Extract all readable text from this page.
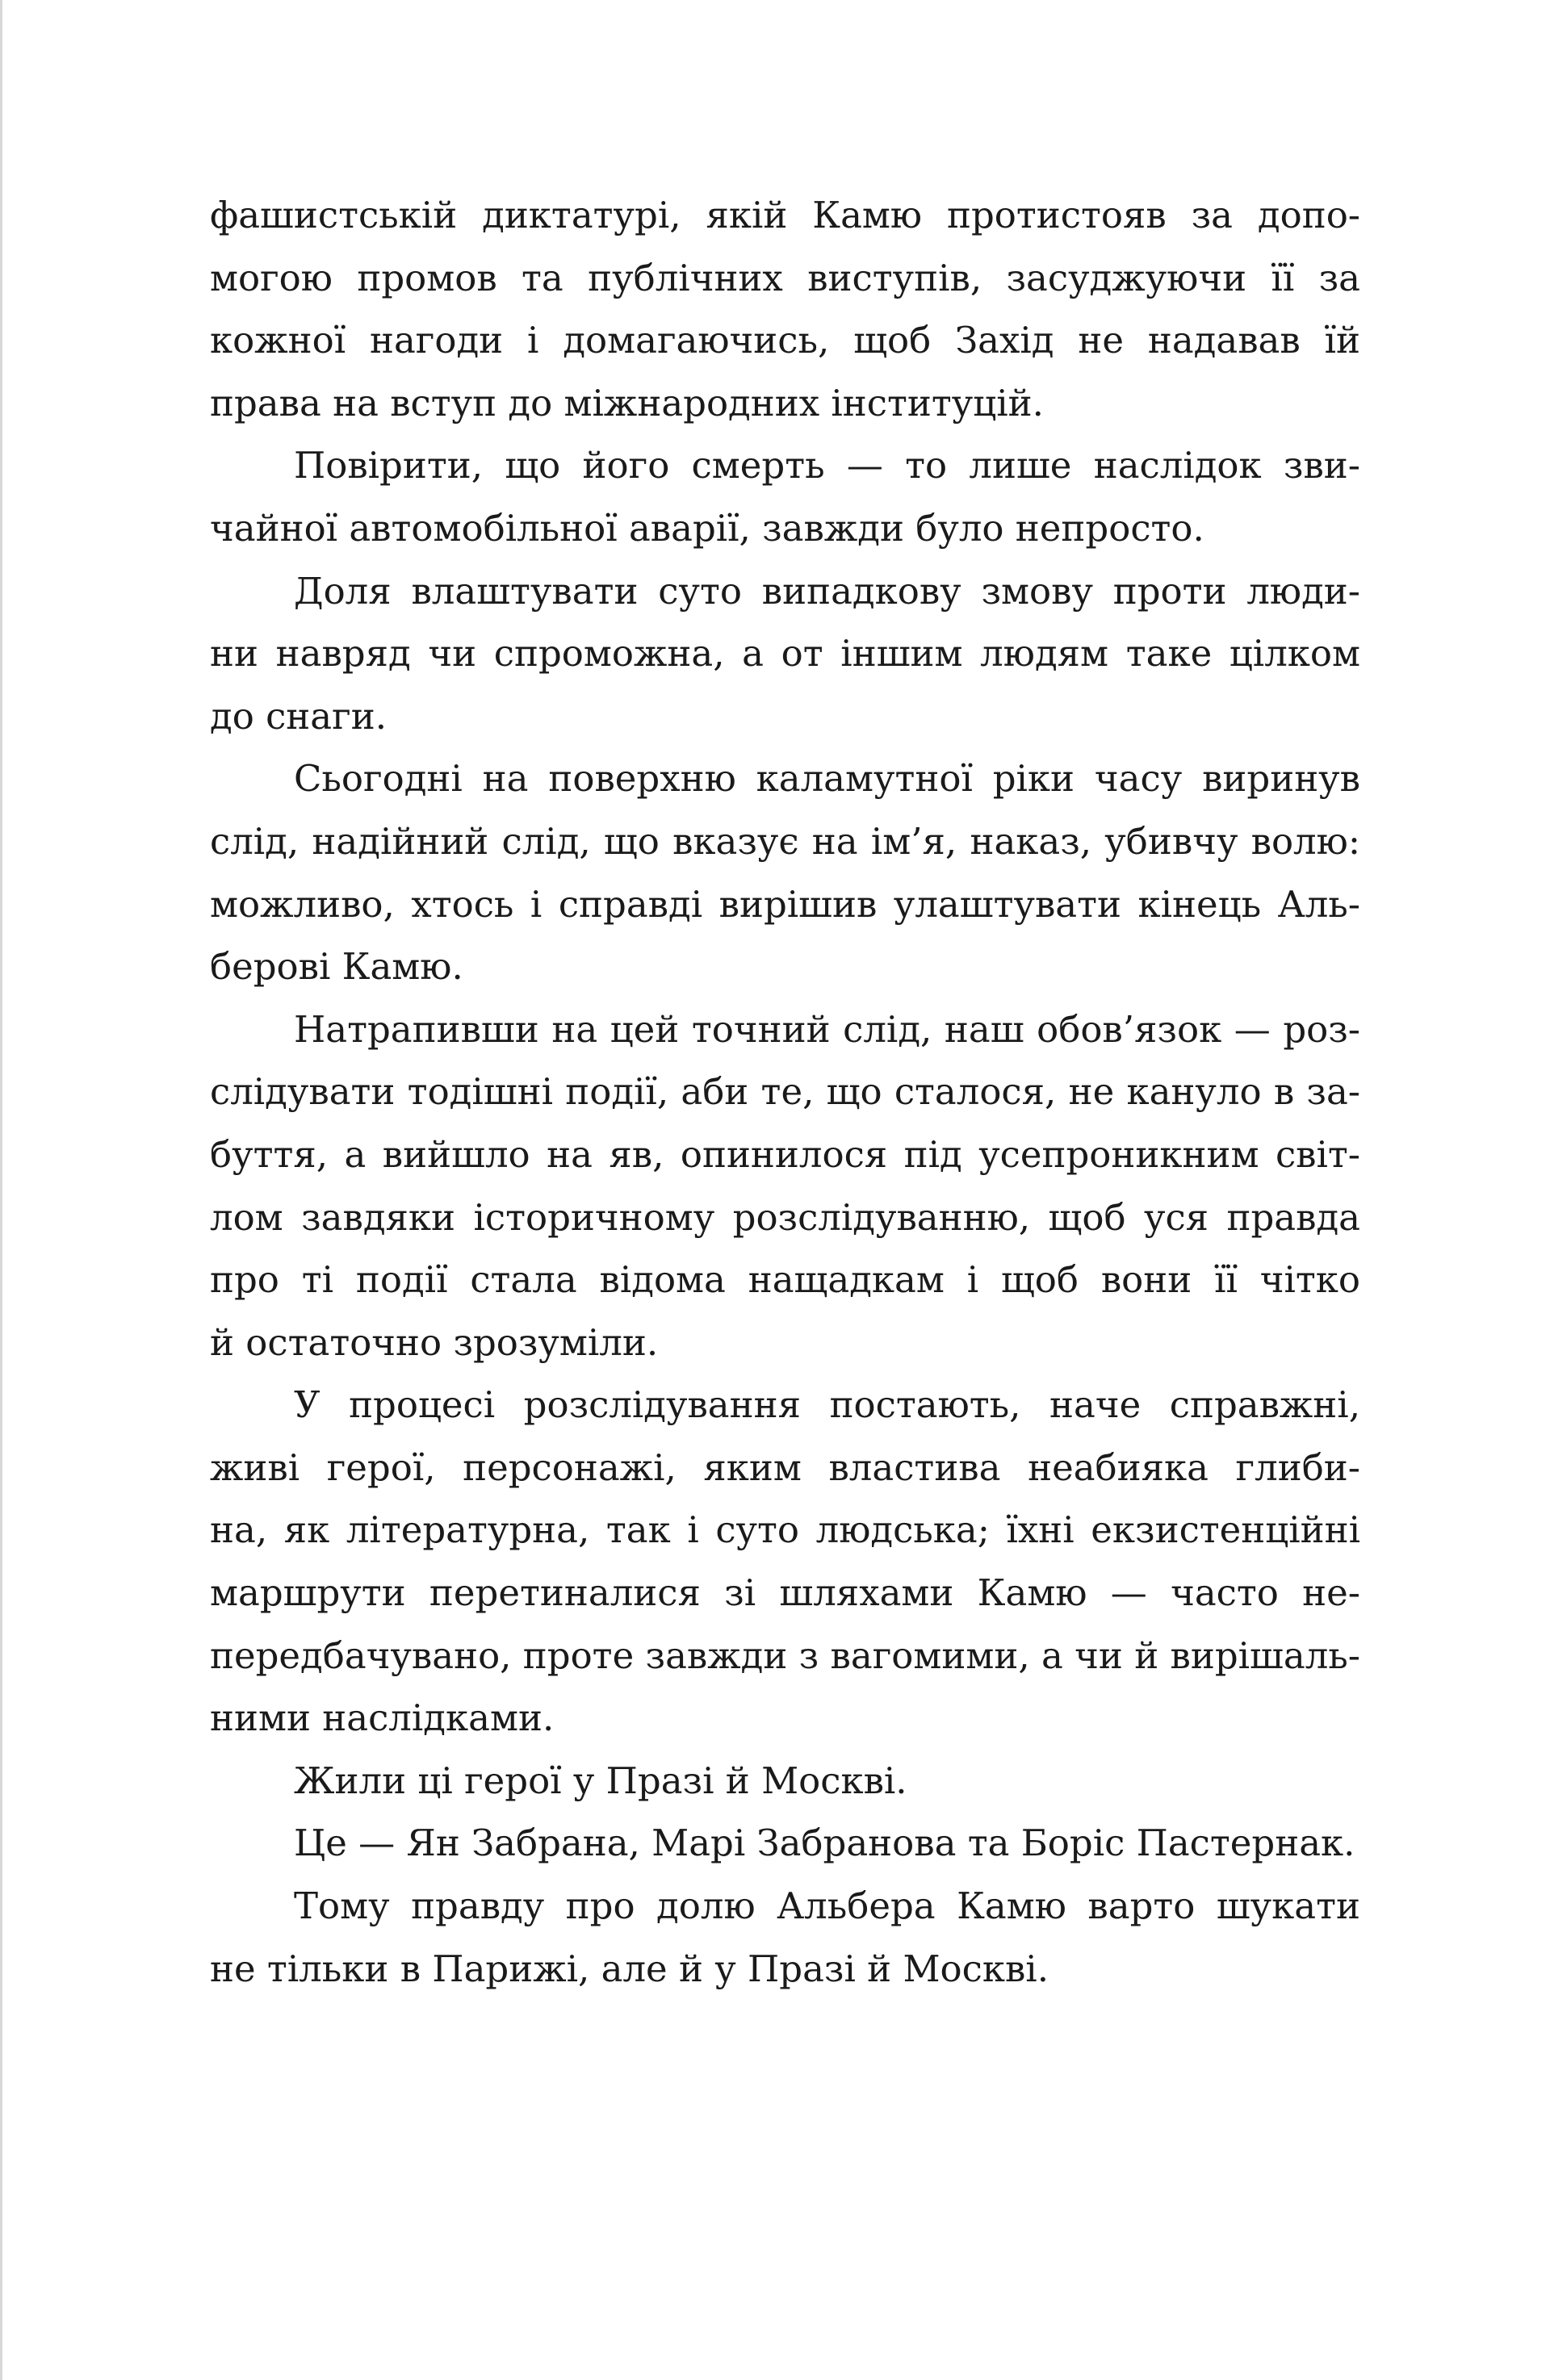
фашистській диктатурі, якій Камю протистояв за допо-
могою промов та публічних виступів, засуджуючи її за
кожної нагоди і домагаючись, щоб Захід не надавав їй
права на вступ до міжнародних інституцій.
Повірити, що його смерть — то лише наслідок зви-
чайної автомобільної аварії, завжди було непросто.
Доля влаштувати суто випадкову змову проти люди-
ни навряд чи спроможна, а от іншим людям таке цілком
до снаги.
Сьогодні на поверхню каламутної ріки часу виринув
слід, надійний слід, що вказує на ім’я, наказ, убивчу волю:
можливо, хтось і справді вирішив улаштувати кінець Аль-
берові Камю.
Натрапивши на цей точний слід, наш обов’язок — роз-
слідувати тодішні події, аби те, що сталося, не кануло в за-
буття, а вийшло на яв, опинилося під усепроникним світ-
лом завдяки історичному розслідуванню, щоб уся правда
про ті події стала відома нащадкам і щоб вони її чітко
й остаточно зрозуміли.
У процесі розслідування постають, наче справжні,
живі герої, персонажі, яким властива неабияка глиби-
на, як літературна, так і суто людська; їхні екзистенційні
маршрути перетиналися зі шляхами Камю — часто не-
передбачувано, проте завжди з вагомими, а чи й вирішаль-
ними наслідками.
Жили ці герої у Празі й Москві.
Це — Ян Забрана, Марі Забранова та Боріс Пастернак.
Тому правду про долю Альбера Камю варто шукати
не тільки в Парижі, але й у Празі й Москві.
